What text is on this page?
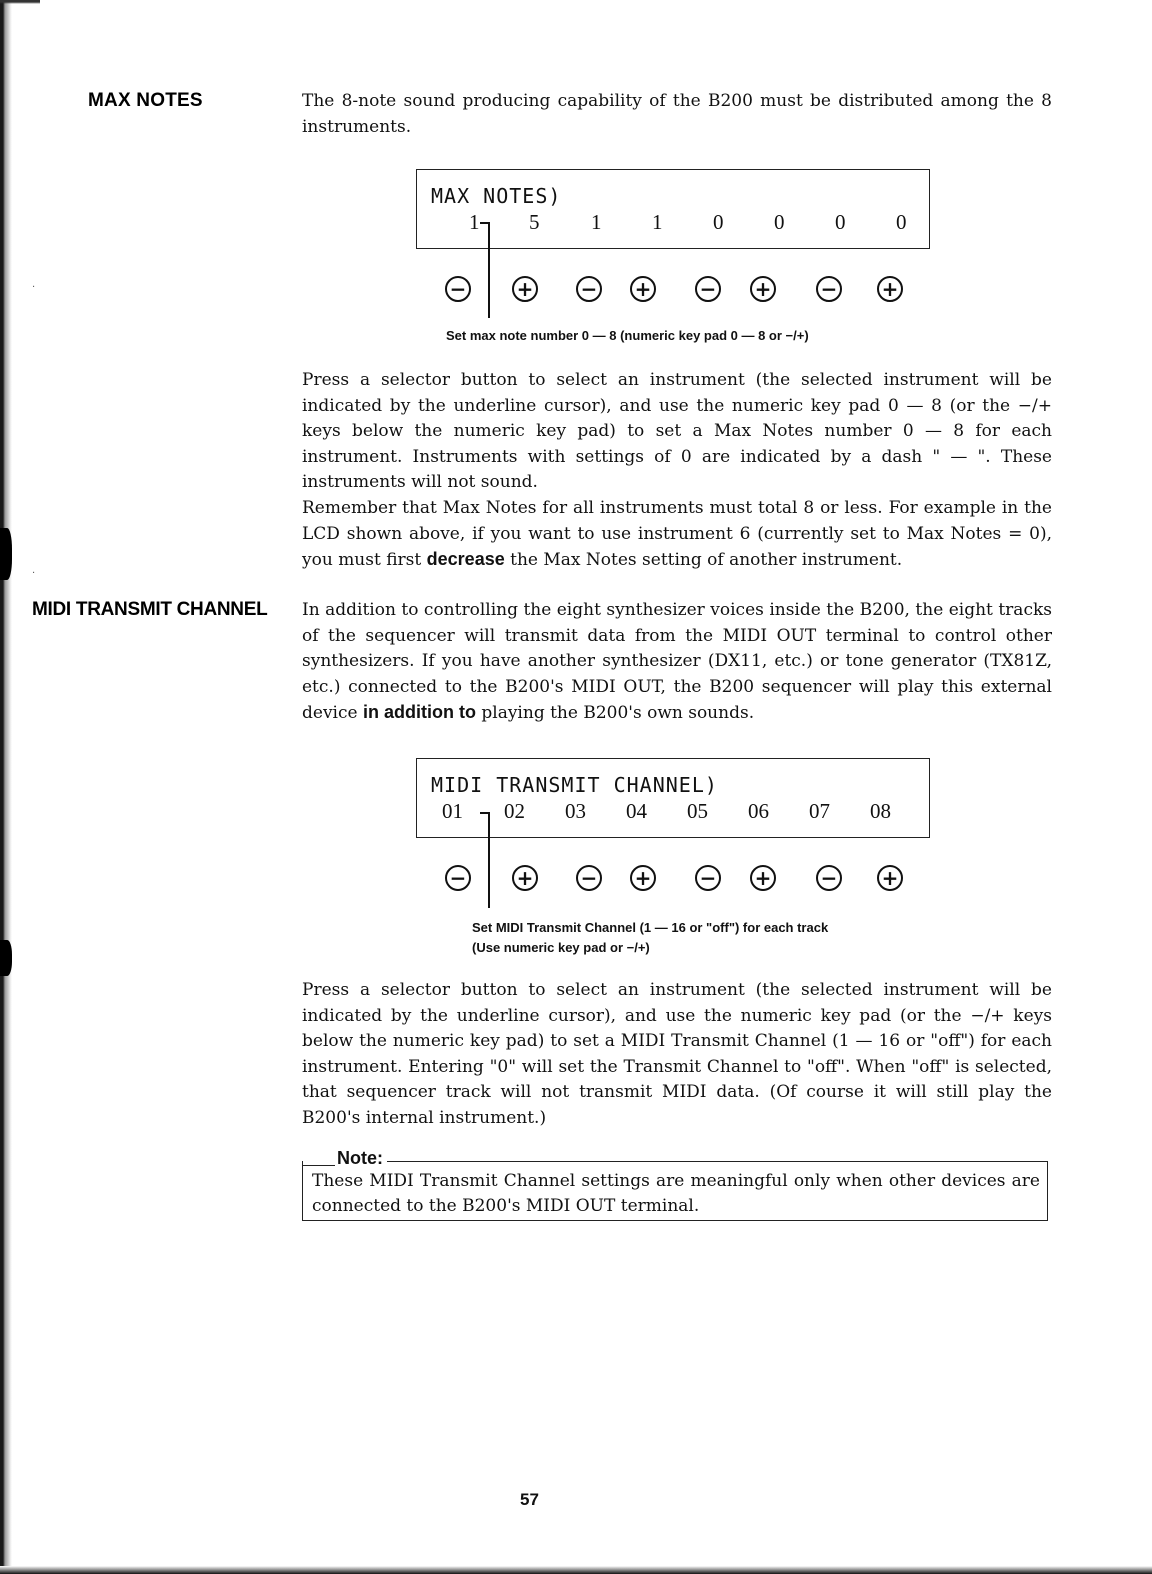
·
·
MAX NOTES	The 8-note sound producing capability of the B200 must be distributed among the 8 instruments.

MAX NOTES)
1 5 1 1 0 0 0 0
−	+ − + − + − +
Set max note number 0 — 8 (numeric key pad 0 — 8 or −/+)

Press a selector button to select an instrument (the selected instrument will be indicated by the underline cursor), and use the numeric key pad 0 — 8 (or the −/+ keys below the numeric key pad) to set a Max Notes number 0 — 8 for each instrument. Instruments with settings of 0 are indicated by a dash " — ". These instruments will not sound.

Remember that Max Notes for all instruments must total 8 or less. For example in the LCD shown above, if you want to use instrument 6 (currently set to Max Notes = 0), you must first decrease the Max Notes setting of another instrument.

MIDI TRANSMIT CHANNEL In addition to controlling the eight synthesizer voices inside the B200, the eight tracks of the sequencer will transmit data from the MIDI OUT terminal to control other synthesizers. If you have another synthesizer (DX11, etc.) or tone generator (TX81Z, etc.) connected to the B200's MIDI OUT, the B200 sequencer will play this external device in addition to playing the B200's own sounds.

MIDI TRANSMIT CHANNEL)
01 02 03 04 05 06 07 08
−	+ − + − + − +
Set MIDI Transmit Channel (1 — 16 or "off") for each track
(Use numeric key pad or −/+)

Press a selector button to select an instrument (the selected instrument will be indicated by the underline cursor), and use the numeric key pad (or the −/+ keys below the numeric key pad) to set a MIDI Transmit Channel (1 — 16 or "off") for each instrument. Entering "0" will set the Transmit Channel to "off". When "off" is selected, that sequencer track will not transmit MIDI data. (Of course it will still play the B200's internal instrument.)

Note:

These MIDI Transmit Channel settings are meaningful only when other devices are connected to the B200's MIDI OUT terminal.

57
